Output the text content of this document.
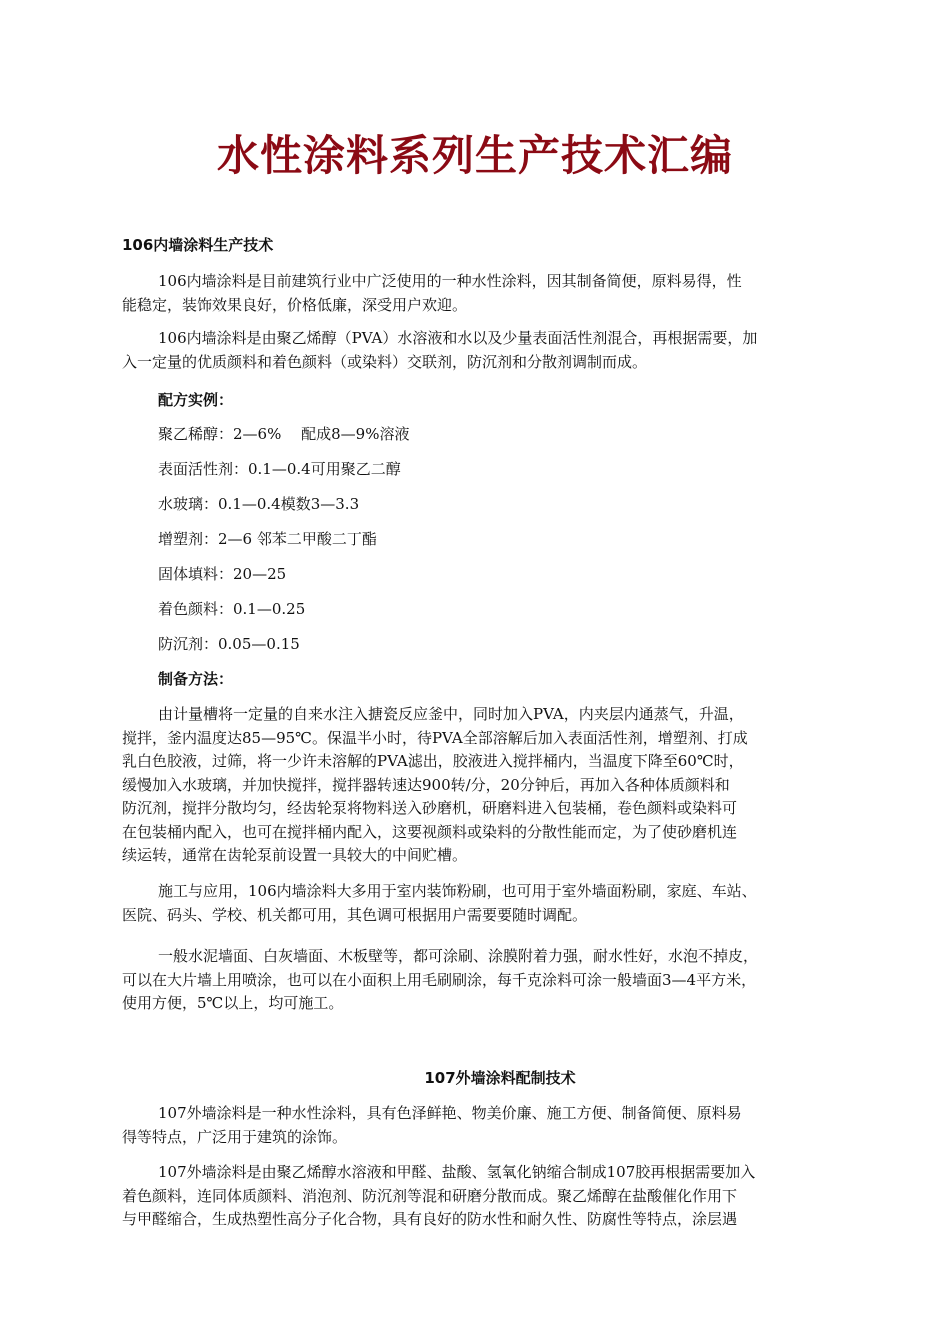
水性涂料系列生产技术汇编
106内墙涂料生产技术
106内墙涂料是目前建筑行业中广泛使用的一种水性涂料，因其制备简便，原料易得，性
能稳定，装饰效果良好，价格低廉，深受用户欢迎。
106内墙涂料是由聚乙烯醇（PVA）水溶液和水以及少量表面活性剂混合，再根据需要，加
入一定量的优质颜料和着色颜料（或染料）交联剂，防沉剂和分散剂调制而成。
配方实例：
聚乙稀醇：2—6%　 配成8—9%溶液
表面活性剂：0.1—0.4可用聚乙二醇
水玻璃：0.1—0.4模数3—3.3
增塑剂：2—6 邻苯二甲酸二丁酯
固体填料：20—25
着色颜料：0.1—0.25
防沉剂：0.05—0.15
制备方法：
由计量槽将一定量的自来水注入搪瓷反应釜中，同时加入PVA，内夹层内通蒸气，升温，
搅拌，釜内温度达85—95℃。保温半小时，待PVA全部溶解后加入表面活性剂，增塑剂、打成
乳白色胶液，过筛，将一少许未溶解的PVA滤出，胶液进入搅拌桶内，当温度下降至60℃时，
缓慢加入水玻璃，并加快搅拌，搅拌器转速达900转/分，20分钟后，再加入各种体质颜料和
防沉剂，搅拌分散均匀，经齿轮泵将物料送入砂磨机，研磨料进入包装桶，卷色颜料或染料可
在包装桶内配入，也可在搅拌桶内配入，这要视颜料或染料的分散性能而定，为了使砂磨机连
续运转，通常在齿轮泵前设置一具较大的中间贮槽。
施工与应用，106内墙涂料大多用于室内装饰粉刷，也可用于室外墙面粉刷，家庭、车站、
医院、码头、学校、机关都可用，其色调可根据用户需要要随时调配。
一般水泥墙面、白灰墙面、木板壁等，都可涂刷、涂膜附着力强，耐水性好，水泡不掉皮，
可以在大片墙上用喷涂，也可以在小面积上用毛刷刷涂，每千克涂料可涂一般墙面3—4平方米，
使用方便，5℃以上，均可施工。
107外墙涂料配制技术
107外墙涂料是一种水性涂料，具有色泽鲜艳、物美价廉、施工方便、制备简便、原料易
得等特点，广泛用于建筑的涂饰。
107外墙涂料是由聚乙烯醇水溶液和甲醛、盐酸、氢氧化钠缩合制成107胶再根据需要加入
着色颜料，连同体质颜料、消泡剂、防沉剂等混和研磨分散而成。聚乙烯醇在盐酸催化作用下
与甲醛缩合，生成热塑性高分子化合物，具有良好的防水性和耐久性、防腐性等特点，涂层遇
